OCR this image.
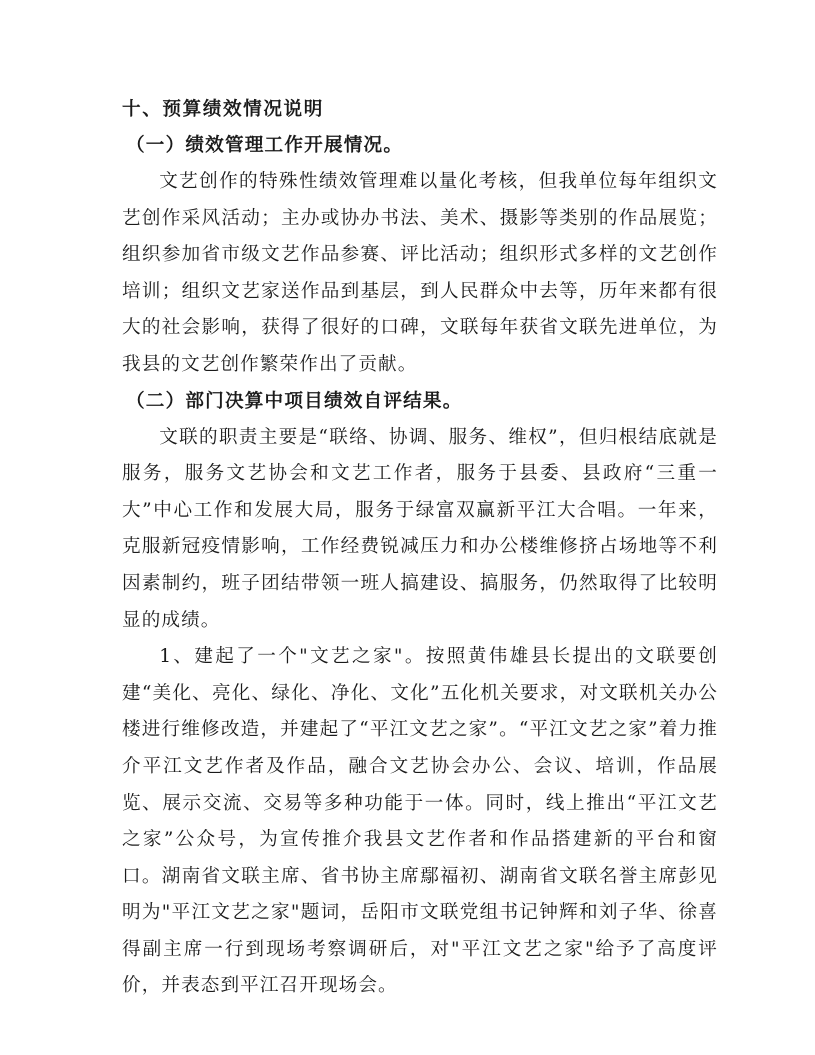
十、预算绩效情况说明
（一）绩效管理工作开展情况。

文艺创作的特殊性绩效管理难以量化考核，但我单位每年组织文艺创作采风活动；主办或协办书法、美术、摄影等类别的作品展览；组织参加省市级文艺作品参赛、评比活动；组织形式多样的文艺创作培训；组织文艺家送作品到基层，到人民群众中去等，历年来都有很大的社会影响，获得了很好的口碑，文联每年获省文联先进单位，为我县的文艺创作繁荣作出了贡献。

（二）部门决算中项目绩效自评结果。

文联的职责主要是“联络、协调、服务、维权”，但归根结底就是服务，服务文艺协会和文艺工作者，服务于县委、县政府“三重一大”中心工作和发展大局，服务于绿富双赢新平江大合唱。一年来，克服新冠疫情影响，工作经费锐减压力和办公楼维修挤占场地等不利因素制约，班子团结带领一班人搞建设、搞服务，仍然取得了比较明显的成绩。

1、建起了一个"文艺之家"。按照黄伟雄县长提出的文联要创建“美化、亮化、绿化、净化、文化”五化机关要求，对文联机关办公楼进行维修改造，并建起了“平江文艺之家”。“平江文艺之家”着力推介平江文艺作者及作品，融合文艺协会办公、会议、培训，作品展览、展示交流、交易等多种功能于一体。同时，线上推出“平江文艺之家”公众号，为宣传推介我县文艺作者和作品搭建新的平台和窗口。湖南省文联主席、省书协主席鄢福初、湖南省文联名誉主席彭见明为"平江文艺之家"题词，岳阳市文联党组书记钟辉和刘子华、徐喜得副主席一行到现场考察调研后，对"平江文艺之家"给予了高度评价，并表态到平江召开现场会。
